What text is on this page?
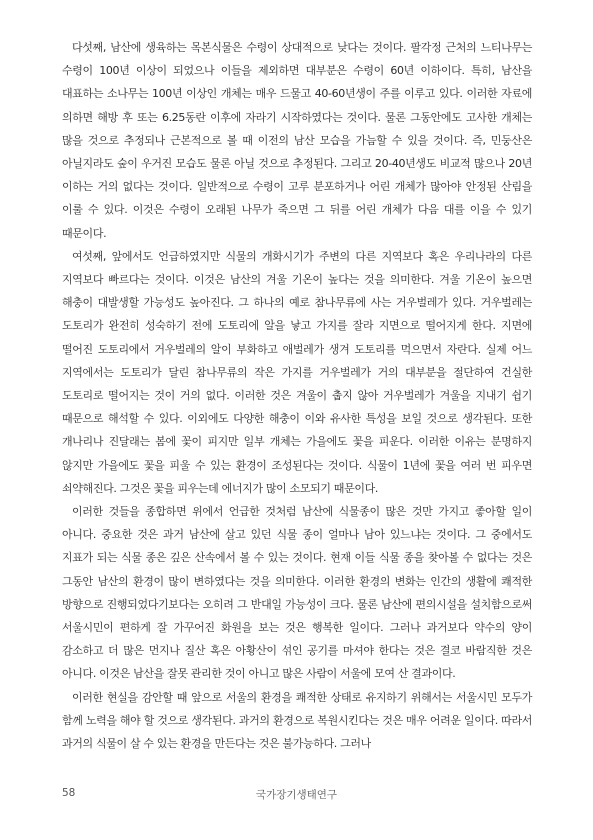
다섯째, 남산에 생육하는 목본식물은 수령이 상대적으로 낮다는 것이다. 팔각정 근처의 느티나무는 수령이 100년 이상이 되었으나 이들을 제외하면 대부분은 수령이 60년 이하이다. 특히, 남산을 대표하는 소나무는 100년 이상인 개체는 매우 드물고 40-60년생이 주를 이루고 있다. 이러한 자료에 의하면 해방 후 또는 6.25동란 이후에 자라기 시작하였다는 것이다. 물론 그동안에도 고사한 개체는 많을 것으로 추정되나 근본적으로 볼 때 이전의 남산 모습을 가늠할 수 있을 것이다. 즉, 민둥산은 아닐지라도 숲이 우거진 모습도 물론 아닐 것으로 추정된다. 그리고 20-40년생도 비교적 많으나 20년 이하는 거의 없다는 것이다. 일반적으로 수령이 고루 분포하거나 어린 개체가 많아야 안정된 산림을 이룰 수 있다. 이것은 수령이 오래된 나무가 죽으면 그 뒤를 어린 개체가 다음 대를 이을 수 있기 때문이다.

여섯째, 앞에서도 언급하였지만 식물의 개화시기가 주변의 다른 지역보다 혹은 우리나라의 다른 지역보다 빠르다는 것이다. 이것은 남산의 겨울 기온이 높다는 것을 의미한다. 겨울 기온이 높으면 해충이 대발생할 가능성도 높아진다. 그 하나의 예로 참나무류에 사는 거우벌레가 있다. 거우벌레는 도토리가 완전히 성숙하기 전에 도토리에 알을 낳고 가지를 잘라 지면으로 떨어지게 한다. 지면에 떨어진 도토리에서 거우벌레의 알이 부화하고 애벌레가 생겨 도토리를 먹으면서 자란다. 실제 어느 지역에서는 도토리가 달린 참나무류의 작은 가지를 거우벌레가 거의 대부분을 절단하여 건실한 도토리로 떨어지는 것이 거의 없다. 이러한 것은 겨울이 춥지 않아 거우벌레가 겨울을 지내기 쉽기 때문으로 해석할 수 있다. 이외에도 다양한 해충이 이와 유사한 특성을 보일 것으로 생각된다. 또한 개나리나 진달래는 봄에 꽃이 피지만 일부 개체는 가을에도 꽃을 피운다. 이러한 이유는 분명하지 않지만 가을에도 꽃을 피울 수 있는 환경이 조성된다는 것이다. 식물이 1년에 꽃을 여러 번 피우면 쇠약해진다. 그것은 꽃을 피우는데 에너지가 많이 소모되기 때문이다.

이러한 것들을 종합하면 위에서 언급한 것처럼 남산에 식물종이 많은 것만 가지고 좋아할 일이 아니다. 중요한 것은 과거 남산에 살고 있던 식물 종이 얼마나 남아 있느냐는 것이다. 그 중에서도 지표가 되는 식물 종은 깊은 산속에서 볼 수 있는 것이다. 현재 이들 식물 종을 찾아볼 수 없다는 것은 그동안 남산의 환경이 많이 변하였다는 것을 의미한다. 이러한 환경의 변화는 인간의 생활에 쾌적한 방향으로 진행되었다기보다는 오히려 그 반대일 가능성이 크다. 물론 남산에 편의시설을 설치함으로써 서울시민이 편하게 잘 가꾸어진 화원을 보는 것은 행복한 일이다. 그러나 과거보다 약수의 양이 감소하고 더 많은 먼지나 질산 혹은 아황산이 섞인 공기를 마셔야 한다는 것은 결코 바람직한 것은 아니다. 이것은 남산을 잘못 관리한 것이 아니고 많은 사람이 서울에 모여 산 결과이다.

이러한 현실을 감안할 때 앞으로 서울의 환경을 쾌적한 상태로 유지하기 위해서는 서울시민 모두가 함께 노력을 해야 할 것으로 생각된다. 과거의 환경으로 복원시킨다는 것은 매우 어려운 일이다. 따라서 과거의 식물이 살 수 있는 환경을 만든다는 것은 불가능하다. 그러나

58	국가장기생태연구
